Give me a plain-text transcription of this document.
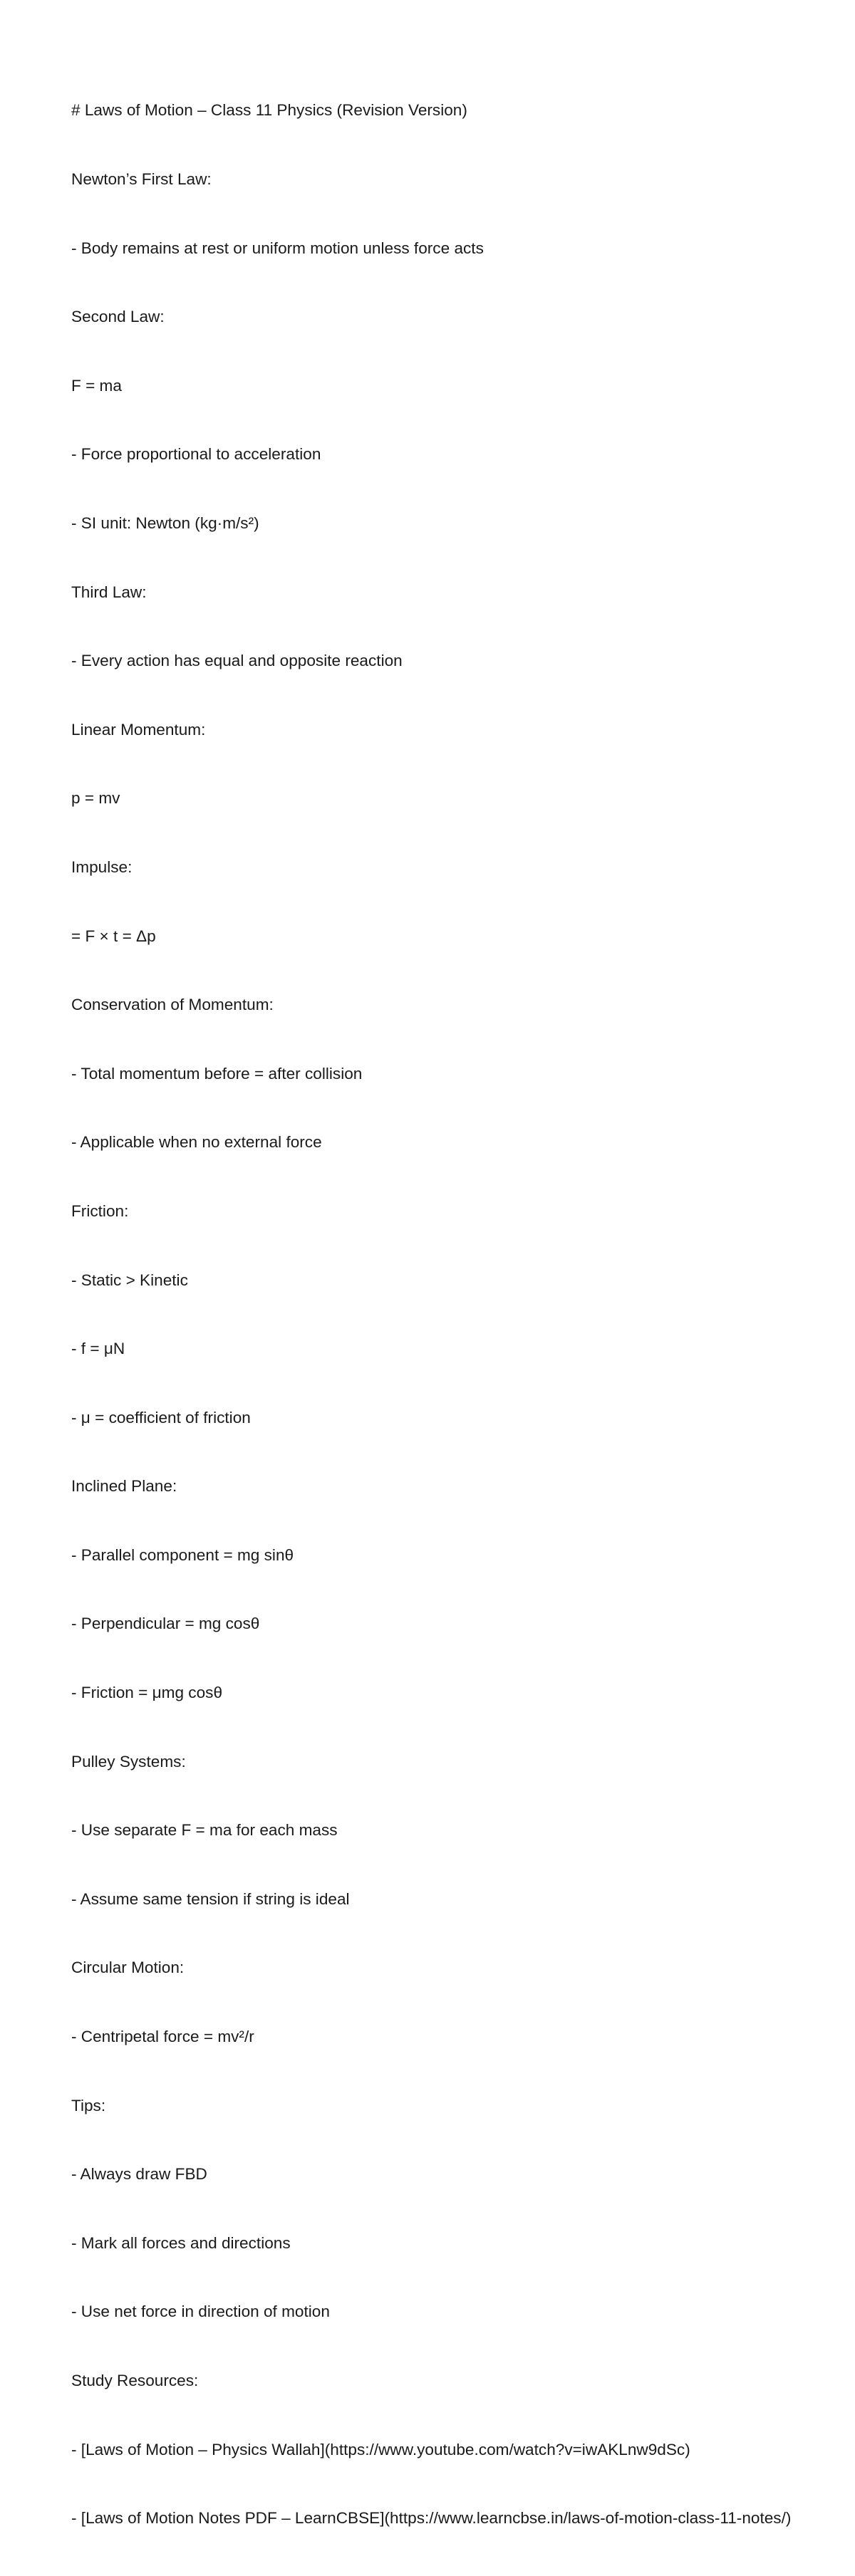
# Laws of Motion – Class 11 Physics (Revision Version)

Newton’s First Law:

- Body remains at rest or uniform motion unless force acts

Second Law:

F = ma

- Force proportional to acceleration

- SI unit: Newton (kg·m/s²)

Third Law:

- Every action has equal and opposite reaction

Linear Momentum:

p = mv

Impulse:

= F × t = Δp

Conservation of Momentum:

- Total momentum before = after collision

- Applicable when no external force

Friction:

- Static > Kinetic

- f = μN

- μ = coefficient of friction

Inclined Plane:

- Parallel component = mg sinθ

- Perpendicular = mg cosθ

- Friction = μmg cosθ

Pulley Systems:

- Use separate F = ma for each mass

- Assume same tension if string is ideal

Circular Motion:

- Centripetal force = mv²/r

Tips:

- Always draw FBD

- Mark all forces and directions

- Use net force in direction of motion

Study Resources:

- [Laws of Motion – Physics Wallah](https://www.youtube.com/watch?v=iwAKLnw9dSc)

- [Laws of Motion Notes PDF – LearnCBSE](https://www.learncbse.in/laws-of-motion-class-11-notes/)
